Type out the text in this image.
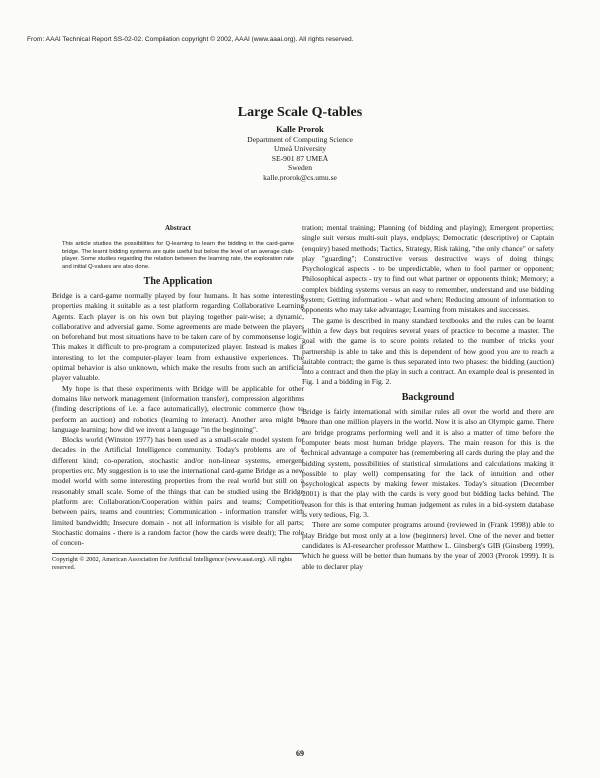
From: AAAI Technical Report SS-02-02. Compilation copyright © 2002, AAAI (www.aaai.org). All rights reserved.
Large Scale Q-tables
Kalle Prorok
Department of Computing Science
Umeå University
SE-901 87 UMEÅ
Sweden
kalle.prorok@cs.umu.se
Abstract
This article studies the possibilities for Q-learning to learn the bidding in the card-game bridge. The learnt bidding systems are quite useful but below the level of an average club-player. Some studies regarding the relation between the learning rate, the exploration rate and initial Q-values are also done.
The Application

Bridge is a card-game normally played by four humans. It has some interesting properties making it suitable as a test platform regarding Collaborative Learning Agents. Each player is on his own but playing together pair-wise; a dynamic, collaborative and adversial game. Some agreements are made between the players on beforehand but most situations have to be taken care of by commonsense logic. This makes it difficult to pre-program a computerized player. Instead is makes it interesting to let the computer-player learn from exhaustive experiences. The optimal behavior is also unknown, which make the results from such an artificial player valuable.

My hope is that these experiments with Bridge will be applicable for other domains like network management (information transfer), compression algorithms (finding descriptions of i.e. a face automatically), electronic commerce (how to perform an auction) and robotics (learning to interact). Another area might be language learning; how did we invent a language "in the beginning".

Blocks world (Winston 1977) has been used as a small-scale model system for decades in the Artificial Intelligence community. Today's problems are of a different kind; co-operation, stochastic and/or non-linear systems, emergent properties etc. My suggestion is to use the international card-game Bridge as a new model world with some interesting properties from the real world but still on a reasonably small scale. Some of the things that can be studied using the Bridge platform are: Collaboration/Cooperation within pairs and teams; Competition between pairs, teams and countries; Communication - information transfer with limited bandwidth; Insecure domain - not all information is visible for all parts; Stochastic domains - there is a random factor (how the cards were dealt); The role of concen-

Copyright © 2002, American Association for Artificial Intelligence (www.aaai.org). All rights reserved.

tration; mental training; Planning (of bidding and playing); Emergent properties; single suit versus multi-suit plays, endplays; Democratic (descriptive) or Captain (enquiry) based methods; Tactics, Strategy, Risk taking, "the only chance" or safety play "guarding"; Constructive versus destructive ways of doing things; Psychological aspects - to be unpredictable, when to fool partner or opponent; Philosophical aspects - try to find out what partner or opponents think; Memory; a complex bidding systems versus an easy to remember, understand and use bidding system; Getting information - what and when; Reducing amount of information to opponents who may take advantage; Learning from mistakes and successes.

The game is described in many standard textbooks and the rules can be learnt within a few days but requires several years of practice to become a master. The goal with the game is to score points related to the number of tricks your partnership is able to take and this is dependent of how good you are to reach a suitable contract; the game is thus separated into two phases: the bidding (auction) into a contract and then the play in such a contract. An example deal is presented in Fig. 1 and a bidding in Fig. 2.

Background

Bridge is fairly international with similar rules all over the world and there are more than one million players in the world. Now it is also an Olympic game. There are bridge programs performing well and it is also a matter of time before the computer beats most human bridge players. The main reason for this is the technical advantage a computer has (remembering all cards during the play and the bidding system, possibilities of statistical simulations and calculations making it possible to play well) compensating for the lack of intuition and other psychological aspects by making fewer mistakes. Today's situation (December 2001) is that the play with the cards is very good but bidding lacks behind. The reason for this is that entering human judgement as rules in a bid-system database is very tedious, Fig. 3.

There are some computer programs around (reviewed in (Frank 1998)) able to play Bridge but most only at a low (beginners) level. One of the never and better candidates is AI-researcher professor Matthew L. Ginsberg's GIB (Ginsberg 1999), which he guess will be better than humans by the year of 2003 (Prorok 1999). It is able to declarer play

69
